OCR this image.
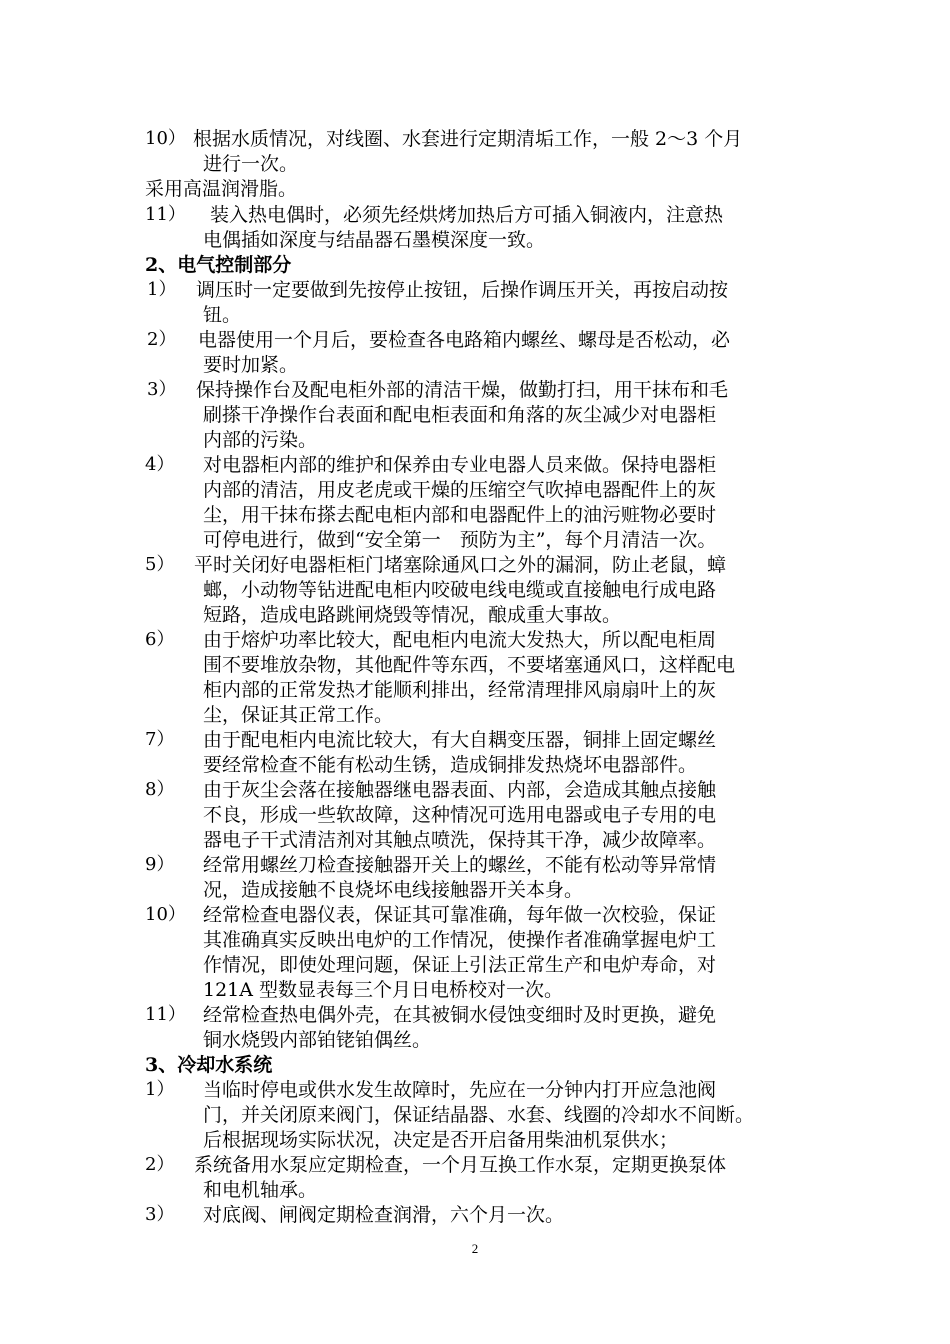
10） 根据水质情况，对线圈、水套进行定期清垢工作，一般 2～3 个月
进行一次。
采用高温润滑脂。
11） 装入热电偶时，必须先经烘烤加热后方可插入铜液内，注意热
电偶插如深度与结晶器石墨模深度一致。
2、电气控制部分
1） 调压时一定要做到先按停止按钮，后操作调压开关，再按启动按
钮。
2） 电器使用一个月后，要检查各电路箱内螺丝、螺母是否松动，必
要时加紧。
3） 保持操作台及配电柜外部的清洁干燥，做勤打扫，用干抹布和毛
刷搽干净操作台表面和配电柜表面和角落的灰尘减少对电器柜
内部的污染。
4） 对电器柜内部的维护和保养由专业电器人员来做。保持电器柜
内部的清洁，用皮老虎或干燥的压缩空气吹掉电器配件上的灰
尘，用干抹布搽去配电柜内部和电器配件上的油污赃物必要时
可停电进行，做到“安全第一　预防为主”，每个月清洁一次。
5） 平时关闭好电器柜柜门堵塞除通风口之外的漏洞，防止老鼠，蟑
螂，小动物等钻进配电柜内咬破电线电缆或直接触电行成电路
短路，造成电路跳闸烧毁等情况，酿成重大事故。
6） 由于熔炉功率比较大，配电柜内电流大发热大，所以配电柜周
围不要堆放杂物，其他配件等东西，不要堵塞通风口，这样配电
柜内部的正常发热才能顺利排出，经常清理排风扇扇叶上的灰
尘，保证其正常工作。
7） 由于配电柜内电流比较大，有大自耦变压器，铜排上固定螺丝
要经常检查不能有松动生锈，造成铜排发热烧坏电器部件。
8） 由于灰尘会落在接触器继电器表面、内部，会造成其触点接触
不良，形成一些软故障，这种情况可选用电器或电子专用的电
器电子干式清洁剂对其触点喷洗，保持其干净，减少故障率。
9） 经常用螺丝刀检查接触器开关上的螺丝，不能有松动等异常情
况，造成接触不良烧坏电线接触器开关本身。
10） 经常检查电器仪表，保证其可靠准确，每年做一次校验，保证
其准确真实反映出电炉的工作情况，使操作者准确掌握电炉工
作情况，即使处理问题，保证上引法正常生产和电炉寿命，对
121A 型数显表每三个月日电桥校对一次。
11） 经常检查热电偶外壳，在其被铜水侵蚀变细时及时更换，避免
铜水烧毁内部铂铑铂偶丝。
3、冷却水系统
1） 当临时停电或供水发生故障时，先应在一分钟内打开应急池阀
门，并关闭原来阀门，保证结晶器、水套、线圈的冷却水不间断。
后根据现场实际状况，决定是否开启备用柴油机泵供水；
2） 系统备用水泵应定期检查，一个月互换工作水泵，定期更换泵体
和电机轴承。
3） 对底阀、闸阀定期检查润滑，六个月一次。
2
